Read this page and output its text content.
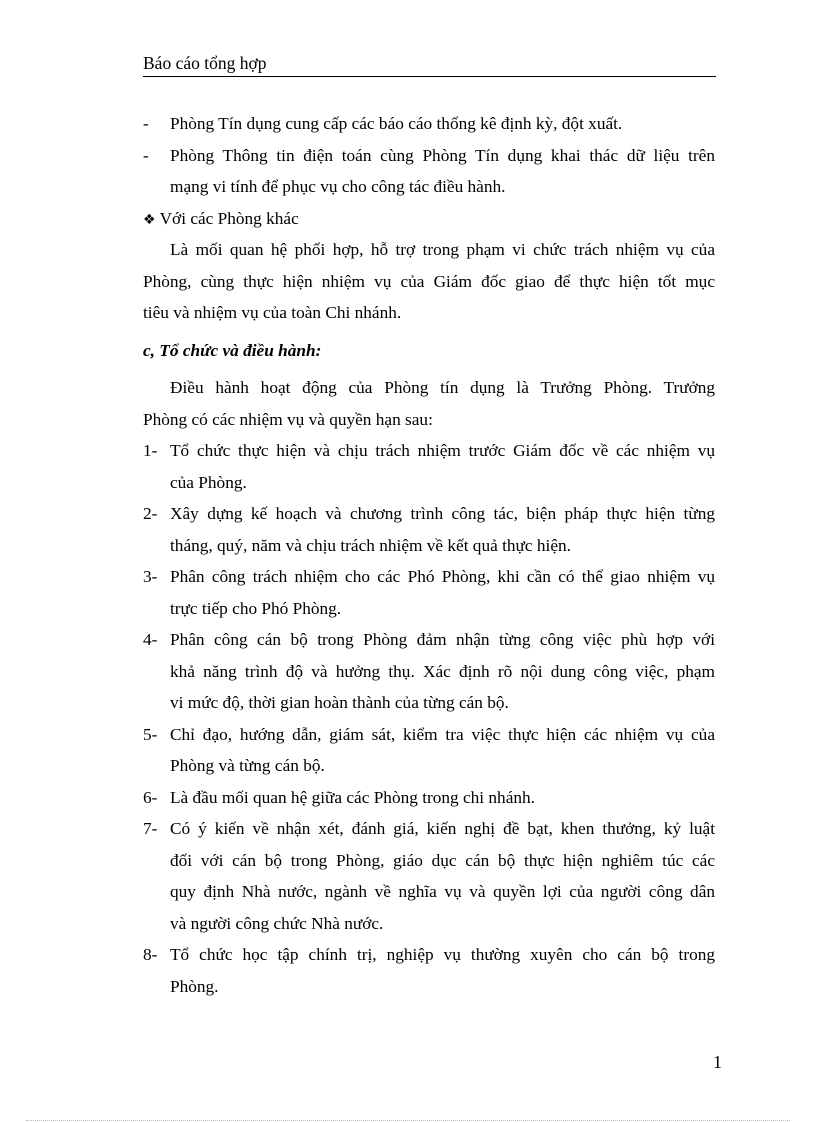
Báo cáo tổng hợp
-	Phòng Tín dụng cung cấp các báo cáo thống kê định kỳ, đột xuất.
-	Phòng Thông tin điện toán cùng Phòng Tín dụng khai thác dữ liệu trên
mạng vi tính để phục vụ cho công tác điều hành.
❖ Với các Phòng khác
Là mối quan hệ phối hợp, hỗ trợ trong phạm vi chức trách nhiệm vụ của
Phòng, cùng thực hiện nhiệm vụ của Giám đốc giao để thực hiện tốt mục
tiêu và nhiệm vụ của toàn Chi nhánh.
c, Tổ chức và điều hành:
Điều hành hoạt động của Phòng tín dụng là Trưởng Phòng. Trưởng
Phòng có các nhiệm vụ và quyền hạn sau:
1- Tổ chức thực hiện và chịu trách nhiệm trước Giám đốc về các nhiệm vụ
của Phòng.
2- Xây dựng kế hoạch và chương trình công tác, biện pháp thực hiện từng
tháng, quý, năm và chịu trách nhiệm về kết quả thực hiện.
3- Phân công trách nhiệm cho các Phó Phòng, khi cần có thể giao nhiệm vụ
trực tiếp cho Phó Phòng.
4- Phân công cán bộ trong Phòng đảm nhận từng công việc phù hợp với
khả năng trình độ và hưởng thụ. Xác định rõ nội dung công việc, phạm
vi mức độ, thời gian hoàn thành của từng cán bộ.
5- Chỉ đạo, hướng dẫn, giám sát, kiểm tra việc thực hiện các nhiệm vụ của
Phòng và từng cán bộ.
6- Là đầu mối quan hệ giữa các Phòng trong chi nhánh.
7- Có ý kiến về nhận xét, đánh giá, kiến nghị đề bạt, khen thưởng, kỷ luật
đối với cán bộ trong Phòng, giáo dục cán bộ thực hiện nghiêm túc các
quy định Nhà nước, ngành về nghĩa vụ và quyền lợi của người công dân
và người công chức Nhà nước.
8- Tổ chức học tập chính trị, nghiệp vụ thường xuyên cho cán bộ trong
Phòng.
1
